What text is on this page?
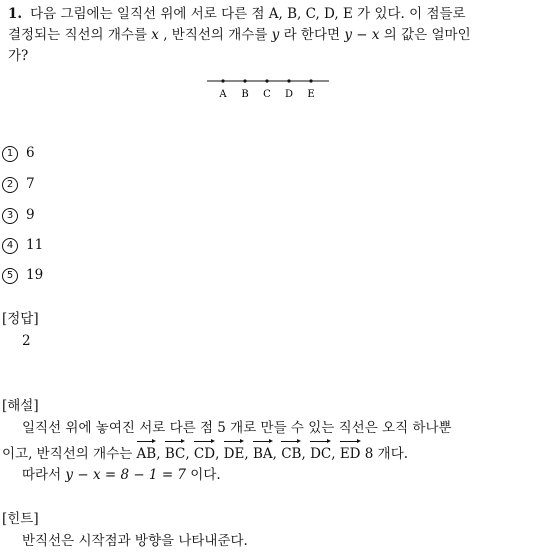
1. 다음 그림에는 일직선 위에 서로 다른 점 A, B, C, D, E 가 있다. 이 점들로
결정되는 직선의 개수를 x , 반직선의 개수를 y 라 한다면 y − x 의 값은 얼마인
가?
A B C D E
1 6
2 7
3 9
4 11
5 19
[정답]
2
[해설]
일직선 위에 놓여진 서로 다른 점 5 개로 만들 수 있는 직선은 오직 하나뿐
이고, 반직선의 개수는 AB, BC, CD, DE, BA, CB, DC, ED 8 개다.
따라서 y − x = 8 − 1 = 7 이다.
[힌트]
반직선은 시작점과 방향을 나타내준다.
